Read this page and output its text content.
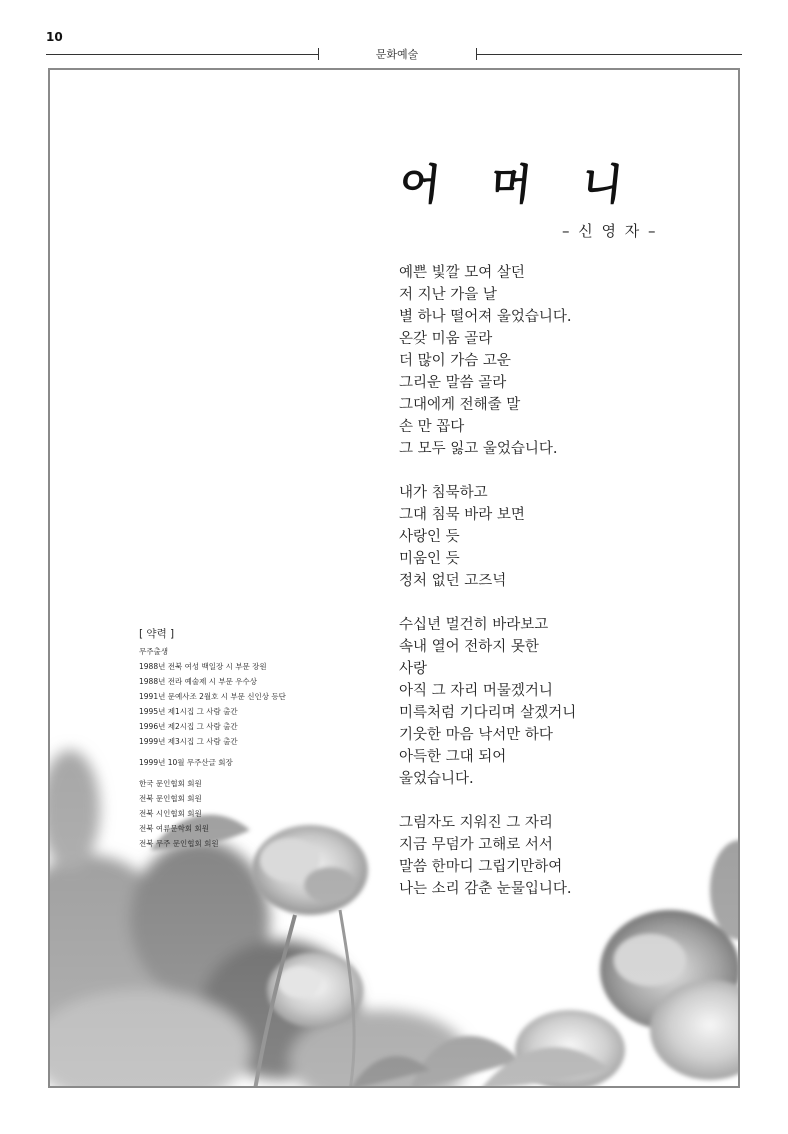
10
문화예술
어 머 니
– 신 영 자 –
예쁜 빛깔 모여 살던
저 지난 가을 날
별 하나 떨어져 울었습니다.
온갖 미움 골라
더 많이 가슴 고운
그리운 말씀 골라
그대에게 전해줄 말
손 만 꼽다
그 모두 잃고 울었습니다.
내가 침묵하고
그대 침묵 바라 보면
사랑인 듯
미움인 듯
정처 없던 고즈넉
수십년 멀건히 바라보고
속내 열어 전하지 못한
사랑
아직 그 자리 머물겠거니
미륵처럼 기다리며 살겠거니
기웃한 마음 낙서만 하다
아득한 그대 되어
울었습니다.
그림자도 지워진 그 자리
지금 무덤가 고해로 서서
말씀 한마디 그립기만하여
나는 소리 감춘 눈물입니다.
[ 약력 ]
무주출생
1988년 전북 여성 백일장 시 부문 장원
1988년 전라 예술제 시 부문 우수상
1991년 문예사조 2월호 시 부문 신인상 등단
1995년 제1시집 그 사람 출간
1996년 제2시집 그 사람 출간
1999년 제3시집 그 사람 출간
1999년 10월 무주산글 회장
한국 문인협회 회원
전북 문인협회 회원
전북 시인협회 회원
전북 여류문학회 회원
전북 무주 문인협회 회원
